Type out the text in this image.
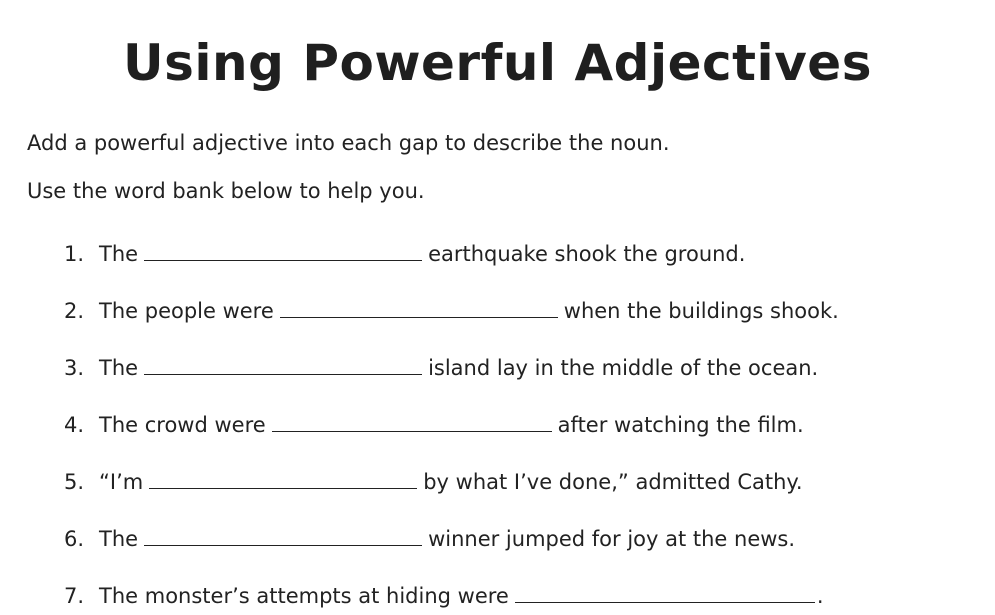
Using Powerful Adjectives
Add a powerful adjective into each gap to describe the noun.
Use the word bank below to help you.
1. The	earthquake shook the ground.
2. The people were	when the buildings shook.
3. The	island lay in the middle of the ocean.
4. The crowd were	after watching the film.
5. “I’m	by what I’ve done,” admitted Cathy.
6. The	winner jumped for joy at the news.
7. The monster’s attempts at hiding were	.
